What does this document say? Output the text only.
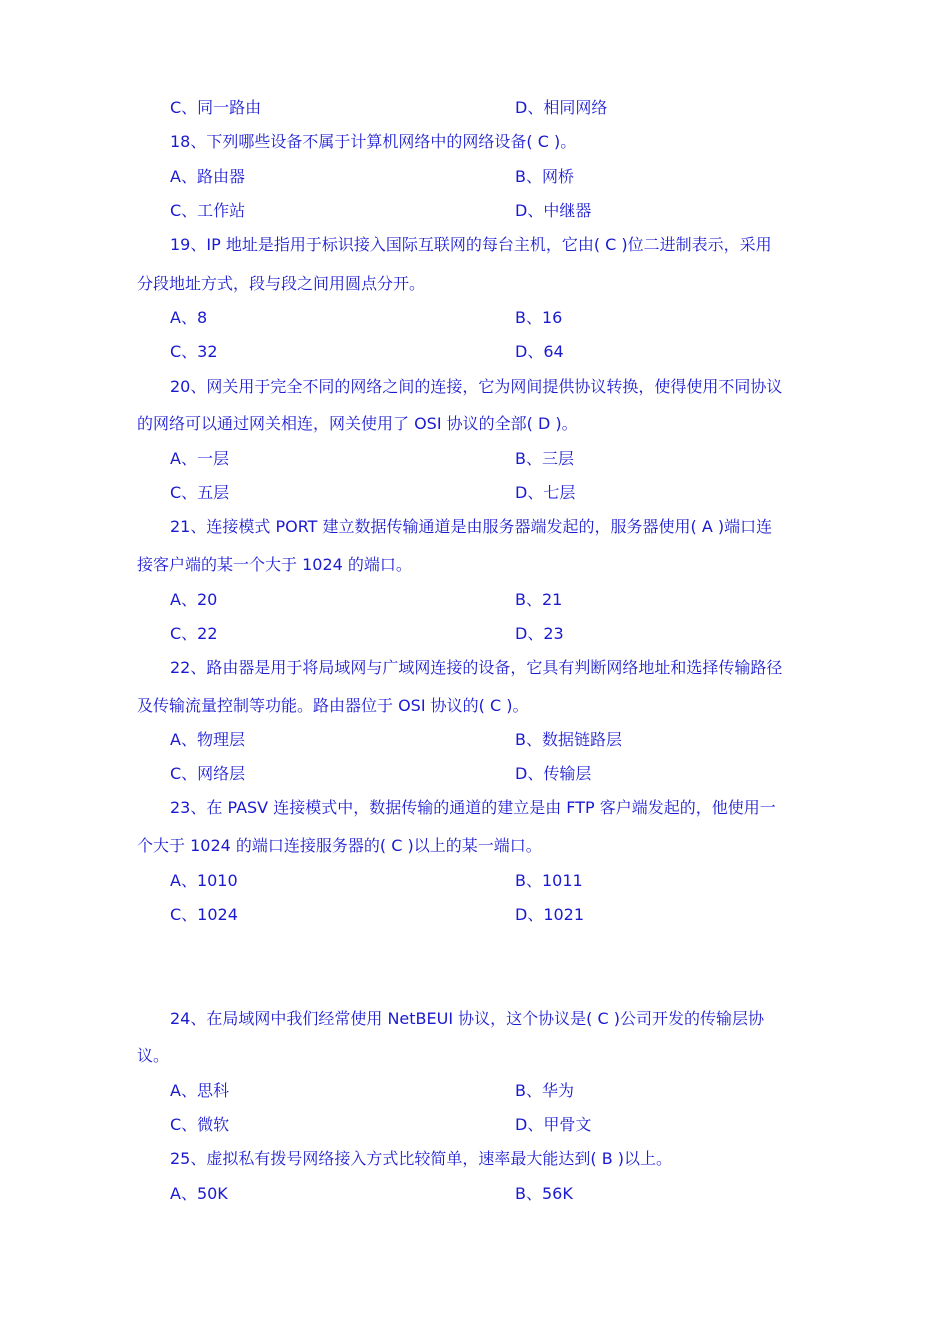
C、同一路由	D、相同网络
18、下列哪些设备不属于计算机网络中的网络设备( C )。
A、路由器	B、网桥
C、工作站	D、中继器
19、IP 地址是指用于标识接入国际互联网的每台主机，它由( C )位二进制表示，采用
分段地址方式，段与段之间用圆点分开。
A、8	B、16
C、32	D、64
20、网关用于完全不同的网络之间的连接，它为网间提供协议转换，使得使用不同协议
的网络可以通过网关相连，网关使用了 OSI 协议的全部( D )。
A、一层	B、三层
C、五层	D、七层
21、连接模式 PORT 建立数据传输通道是由服务器端发起的，服务器使用( A )端口连
接客户端的某一个大于 1024 的端口。
A、20	B、21
C、22	D、23
22、路由器是用于将局域网与广域网连接的设备，它具有判断网络地址和选择传输路径
及传输流量控制等功能。路由器位于 OSI 协议的( C )。
A、物理层	B、数据链路层
C、网络层	D、传输层
23、在 PASV 连接模式中，数据传输的通道的建立是由 FTP 客户端发起的，他使用一
个大于 1024 的端口连接服务器的( C )以上的某一端口。
A、1010	B、1011
C、1024	D、1021
24、在局域网中我们经常使用 NetBEUI 协议，这个协议是( C )公司开发的传输层协
议。
A、思科	B、华为
C、微软	D、甲骨文
25、虚拟私有拨号网络接入方式比较简单，速率最大能达到( B )以上。
A、50K	B、56K
